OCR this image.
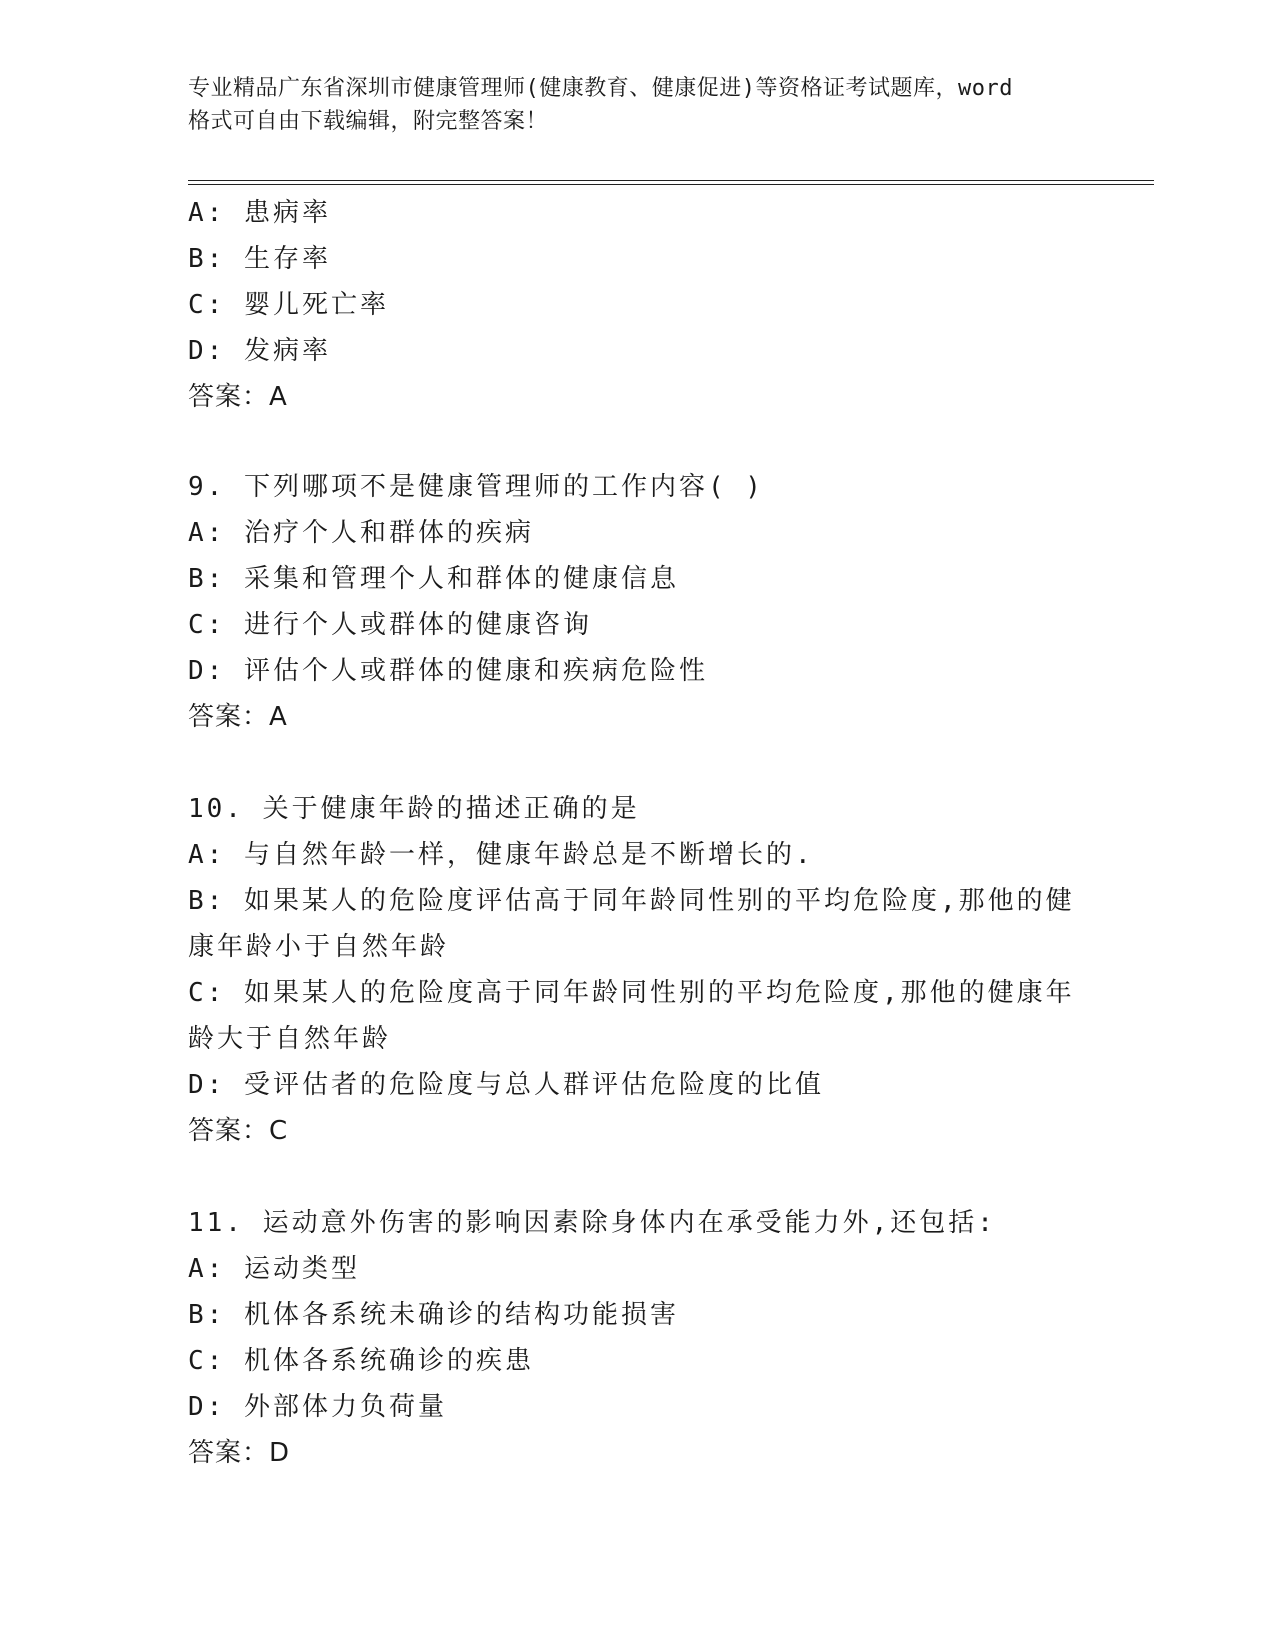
专业精品广东省深圳市健康管理师(健康教育、健康促进)等资格证考试题库，word
格式可自由下载编辑，附完整答案！
A: 患病率
B: 生存率
C: 婴儿死亡率
D: 发病率
答案：A
9. 下列哪项不是健康管理师的工作内容( )
A: 治疗个人和群体的疾病
B: 采集和管理个人和群体的健康信息
C: 进行个人或群体的健康咨询
D: 评估个人或群体的健康和疾病危险性
答案：A
10. 关于健康年龄的描述正确的是
A: 与自然年龄一样，健康年龄总是不断增长的.
B: 如果某人的危险度评估高于同年龄同性别的平均危险度,那他的健
康年龄小于自然年龄
C: 如果某人的危险度高于同年龄同性别的平均危险度,那他的健康年
龄大于自然年龄
D: 受评估者的危险度与总人群评估危险度的比值
答案：C
11. 运动意外伤害的影响因素除身体内在承受能力外,还包括:
A: 运动类型
B: 机体各系统未确诊的结构功能损害
C: 机体各系统确诊的疾患
D: 外部体力负荷量
答案：D
